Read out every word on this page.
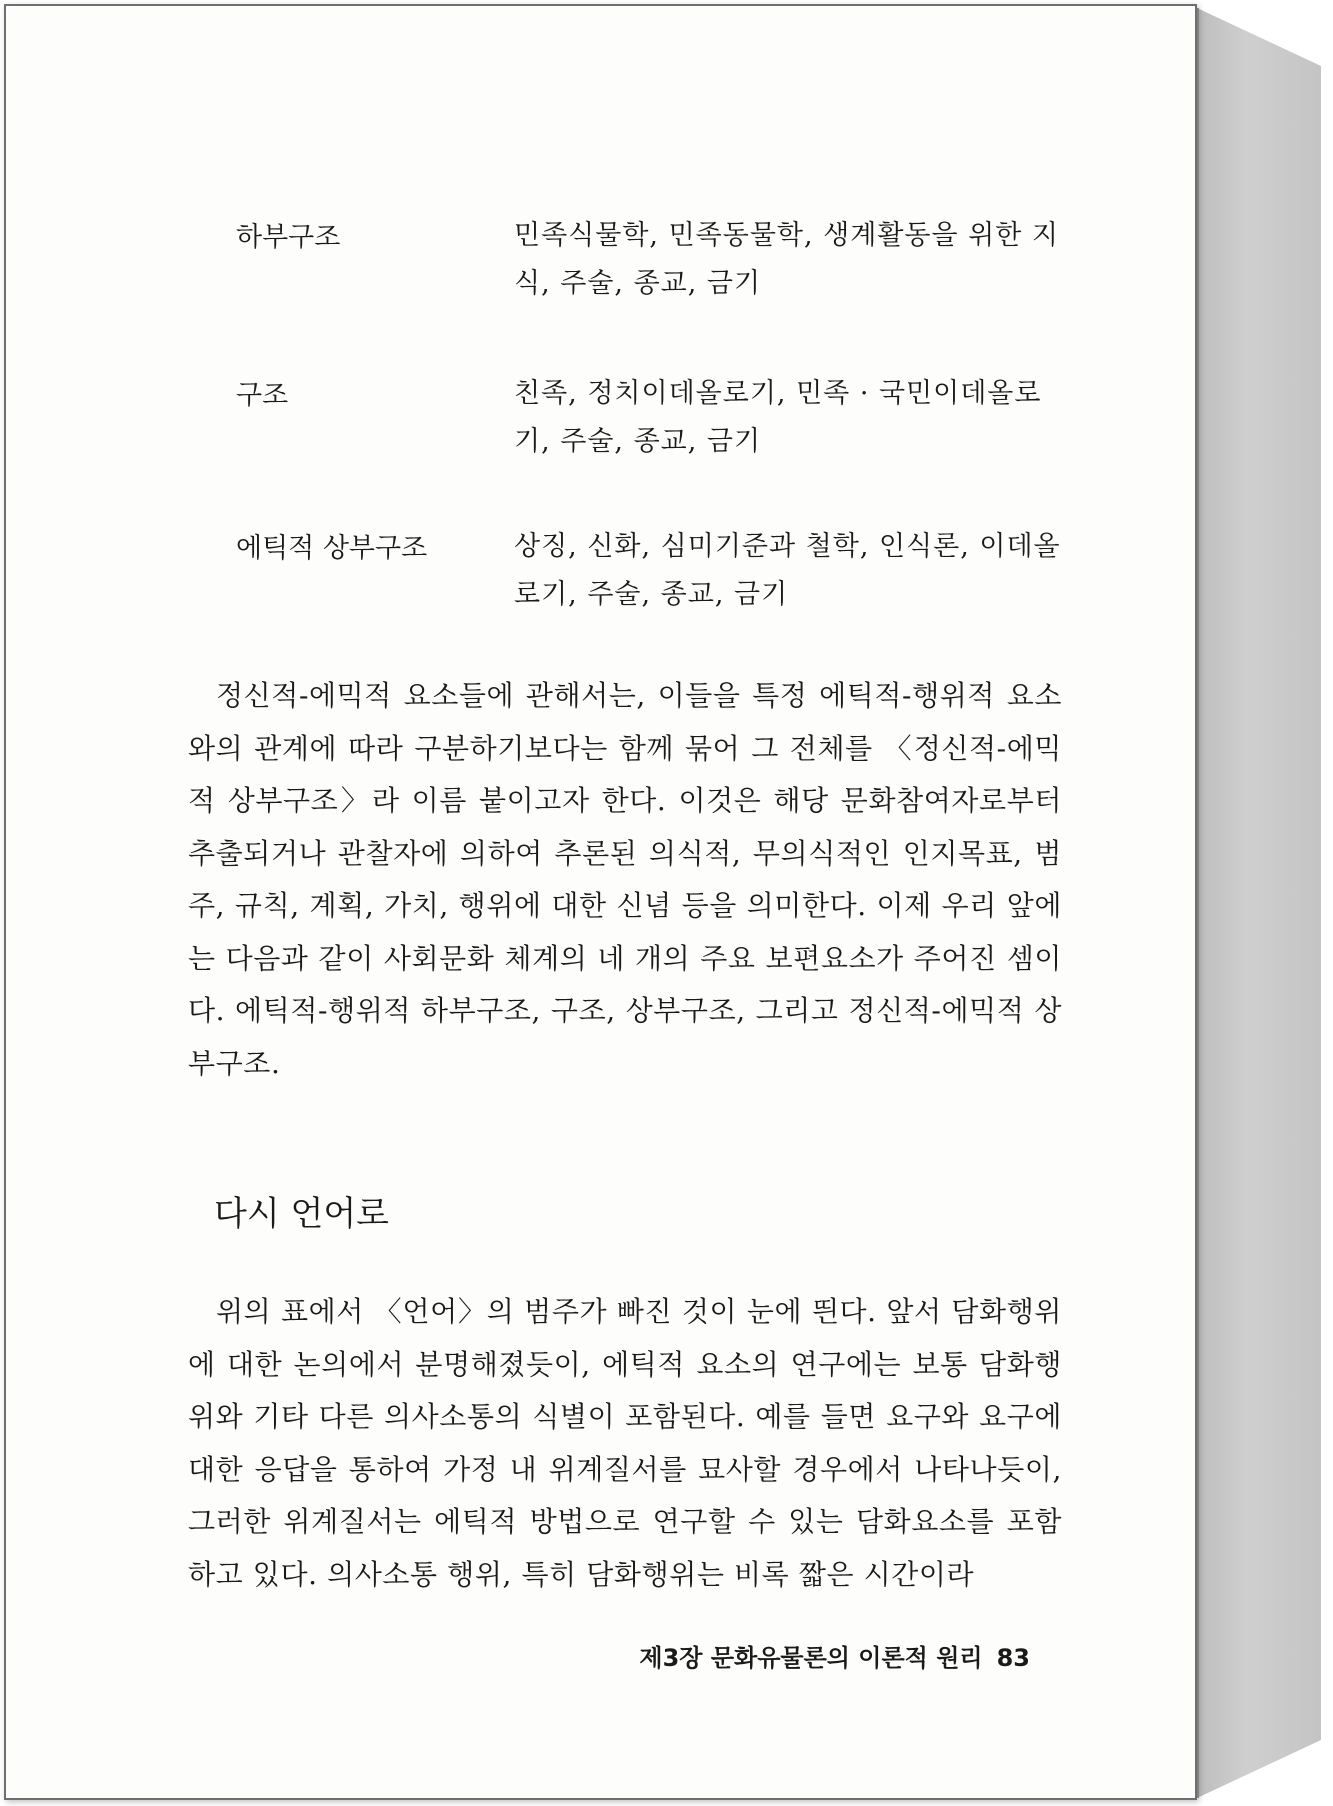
하부구조	민족식물학, 민족동물학, 생계활동을 위한 지식, 주술, 종교, 금기
구조	친족, 정치이데올로기, 민족 · 국민이데올로기, 주술, 종교, 금기
에틱적 상부구조	상징, 신화, 심미기준과 철학, 인식론, 이데올로기, 주술, 종교, 금기

정신적-에믹적 요소들에 관해서는, 이들을 특정 에틱적-행위적 요소와의 관계에 따라 구분하기보다는 함께 묶어 그 전체를 〈정신적-에믹적 상부구조〉라 이름 붙이고자 한다. 이것은 해당 문화참여자로부터 추출되거나 관찰자에 의하여 추론된 의식적, 무의식적인 인지목표, 범주, 규칙, 계획, 가치, 행위에 대한 신념 등을 의미한다. 이제 우리 앞에는 다음과 같이 사회문화 체계의 네 개의 주요 보편요소가 주어진 셈이다. 에틱적-행위적 하부구조, 구조, 상부구조, 그리고 정신적-에믹적 상부구조.

다시 언어로

위의 표에서 〈언어〉의 범주가 빠진 것이 눈에 띈다. 앞서 담화행위에 대한 논의에서 분명해졌듯이, 에틱적 요소의 연구에는 보통 담화행위와 기타 다른 의사소통의 식별이 포함된다. 예를 들면 요구와 요구에 대한 응답을 통하여 가정 내 위계질서를 묘사할 경우에서 나타나듯이, 그러한 위계질서는 에틱적 방법으로 연구할 수 있는 담화요소를 포함하고 있다. 의사소통 행위, 특히 담화행위는 비록 짧은 시간이라

제3장 문화유물론의 이론적 원리 83
